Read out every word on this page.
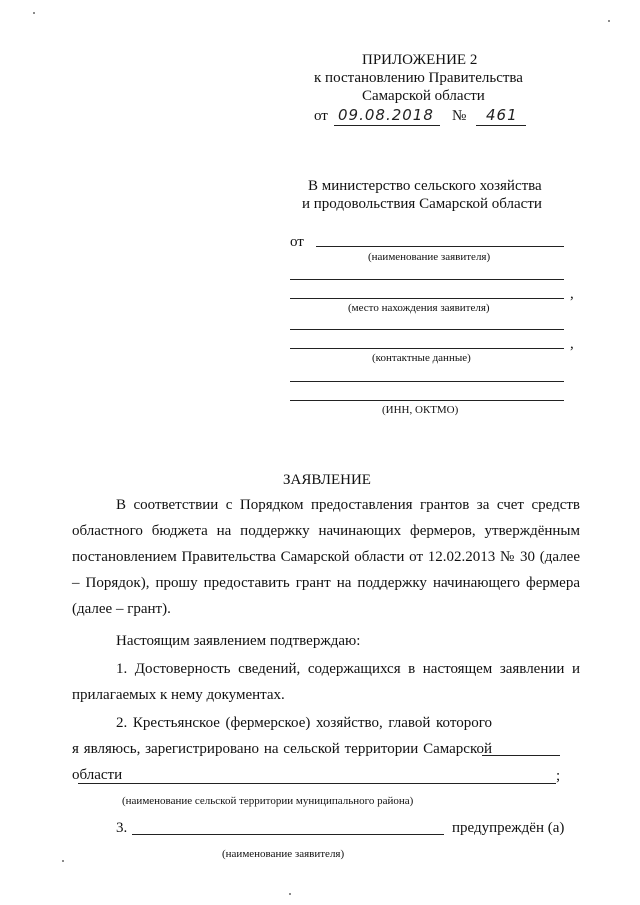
ПРИЛОЖЕНИЕ 2
к постановлению Правительства
Самарской области
от 09.08.2018 № 461
В министерство сельского хозяйства
и продовольствия Самарской области
от
(наименование заявителя)
,
(место нахождения заявителя)
,
(контактные данные)
(ИНН, ОКТМО)
ЗАЯВЛЕНИЕ
В соответствии с Порядком предоставления грантов за счет средств областного бюджета на поддержку начинающих фермеров, утверждённым постановлением Правительства Самарской области от 12.02.2013 № 30 (далее – Порядок), прошу предоставить грант на поддержку начинающего фермера (далее – грант).
Настоящим заявлением подтверждаю:
1. Достоверность сведений, содержащихся в настоящем заявлении и прилагаемых к нему документах.
2. Крестьянское (фермерское) хозяйство, главой которого я являюсь, зарегистрировано на сельской территории Самарской области	;
(наименование сельской территории муниципального района)
3.	предупреждён (а)
(наименование заявителя)
